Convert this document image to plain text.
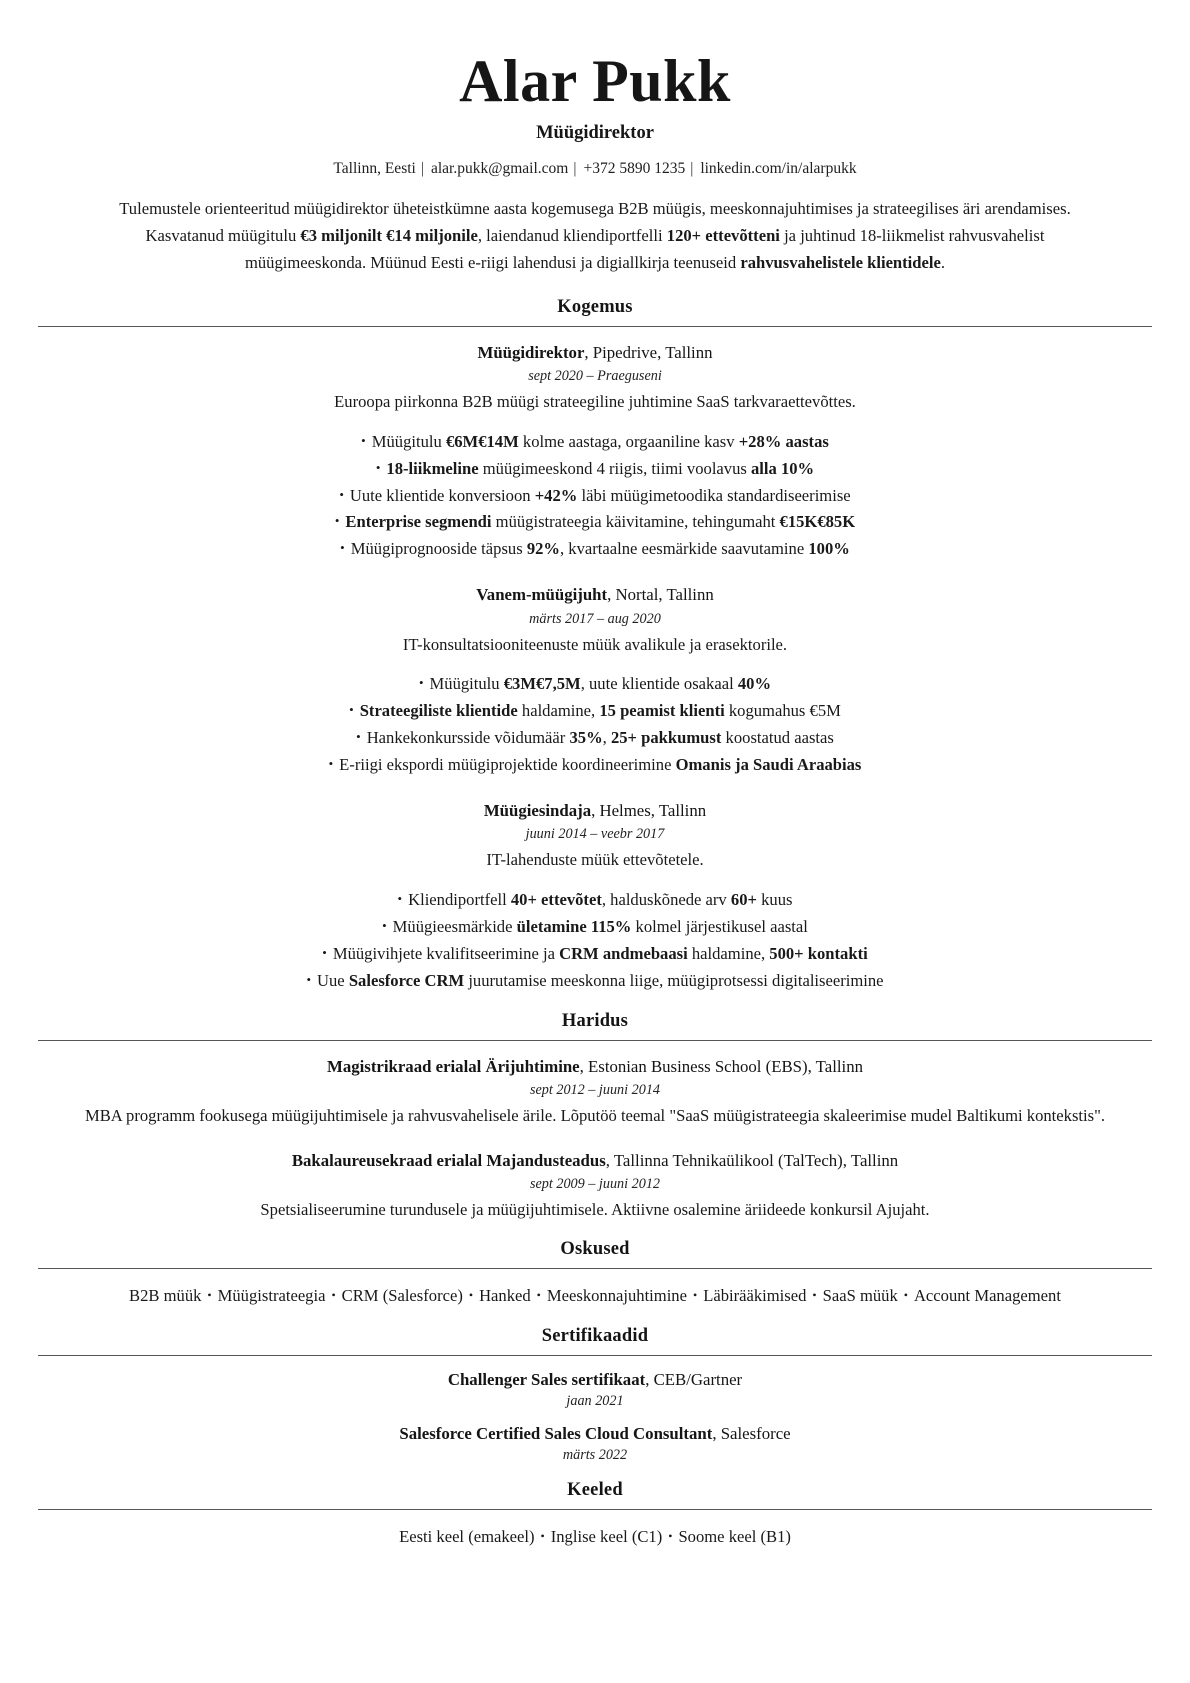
Alar Pukk
Müügidirektor
Tallinn, Eesti | alar.pukk@gmail.com | +372 5890 1235 | linkedin.com/in/alarpukk
Tulemustele orienteeritud müügidirektor üheteistkümne aasta kogemusega B2B müügis, meeskonnajuhtimises ja strateegilises äri arendamises. Kasvatanud müügitulu €3 miljonilt €14 miljonile, laiendanud kliendiportfelli 120+ ettevõtteni ja juhtinud 18-liikmelist rahvusvahelist müügimeeskonda. Müünud Eesti e-riigi lahendusi ja digiallkirja teenuseid rahvusvahelistele klientidele.
Kogemus
Müügidirektor, Pipedrive, Tallinn
sept 2020 – Praeguseni
Euroopa piirkonna B2B müügi strateegiline juhtimine SaaS tarkvaraettevõttes.
• Müügitulu €6M€14M kolme aastaga, orgaaniline kasv +28% aastas
• 18-liikmeline müügimeeskond 4 riigis, tiimi voolavus alla 10%
• Uute klientide konversioon +42% läbi müügimetoodika standardiseerimise
• Enterprise segmendi müügistrateegia käivitamine, tehingumaht €15K€85K
• Müügiprognooside täpsus 92%, kvartaalne eesmärkide saavutamine 100%
Vanem-müügijuht, Nortal, Tallinn
märts 2017 – aug 2020
IT-konsultatsiooniteenuste müük avalikule ja erasektorile.
• Müügitulu €3M€7,5M, uute klientide osakaal 40%
• Strateegiliste klientide haldamine, 15 peamist klienti kogumahus €5M
• Hankekonkursside võidumäär 35%, 25+ pakkumust koostatud aastas
• E-riigi ekspordi müügiprojektide koordineerimine Omanis ja Saudi Araabias
Müügiesindaja, Helmes, Tallinn
juuni 2014 – veebr 2017
IT-lahenduste müük ettevõtetele.
• Kliendiportfell 40+ ettevõtet, halduskõnede arv 60+ kuus
• Müügieesmärkide ületamine 115% kolmel järjestikusel aastal
• Müügivihjete kvalifitseerimine ja CRM andmebaasi haldamine, 500+ kontakti
• Uue Salesforce CRM juurutamise meeskonna liige, müügiprotsessi digitaliseerimine
Haridus
Magistrikraad erialal Ärijuhtimine, Estonian Business School (EBS), Tallinn
sept 2012 – juuni 2014
MBA programm fookusega müügijuhtimisele ja rahvusvahelisele ärile. Lõputöö teemal "SaaS müügistrateegia skaleerimise mudel Baltikumi kontekstis".
Bakalaureusekraad erialal Majandusteadus, Tallinna Tehnikaülikool (TalTech), Tallinn
sept 2009 – juuni 2012
Spetsialiseerumine turundusele ja müügijuhtimisele. Aktiivne osalemine äriideede konkursil Ajujaht.
Oskused
B2B müük • Müügistrateegia • CRM (Salesforce) • Hanked • Meeskonnajuhtimine • Läbirääkimised • SaaS müük • Account Management
Sertifikaadid
Challenger Sales sertifikaat, CEB/Gartner
jaan 2021
Salesforce Certified Sales Cloud Consultant, Salesforce
märts 2022
Keeled
Eesti keel (emakeel) • Inglise keel (C1) • Soome keel (B1)
